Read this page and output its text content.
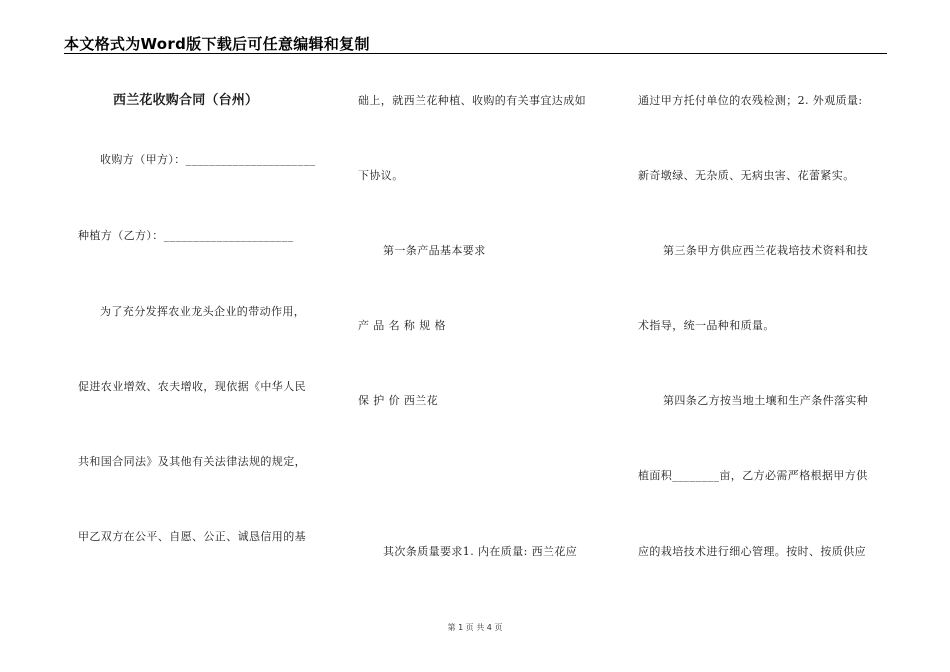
本文格式为Word版下载后可任意编辑和复制
西兰花收购合同（台州）
收购方（甲方）：______________________
种植方（乙方）：______________________
为了充分发挥农业龙头企业的带动作用，
促进农业增效、农夫增收，现依据《中华人民
共和国合同法》及其他有关法律法规的规定，
甲乙双方在公平、自愿、公正、诚恳信用的基
础上，就西兰花种植、收购的有关事宜达成如
下协议。
第一条产品基本要求
产 品 名 称 规 格
保 护 价 西兰花
其次条质量要求1. 内在质量: 西兰花应
通过甲方托付单位的农残检测；2. 外观质量:
新奇墩绿、无杂质、无病虫害、花蕾紧实。
第三条甲方供应西兰花栽培技术资料和技
术指导，统一品种和质量。
第四条乙方按当地土壤和生产条件落实种
植面积________亩，乙方必需严格根据甲方供
应的栽培技术进行细心管理。按时、按质供应
第 1 页 共 4 页
